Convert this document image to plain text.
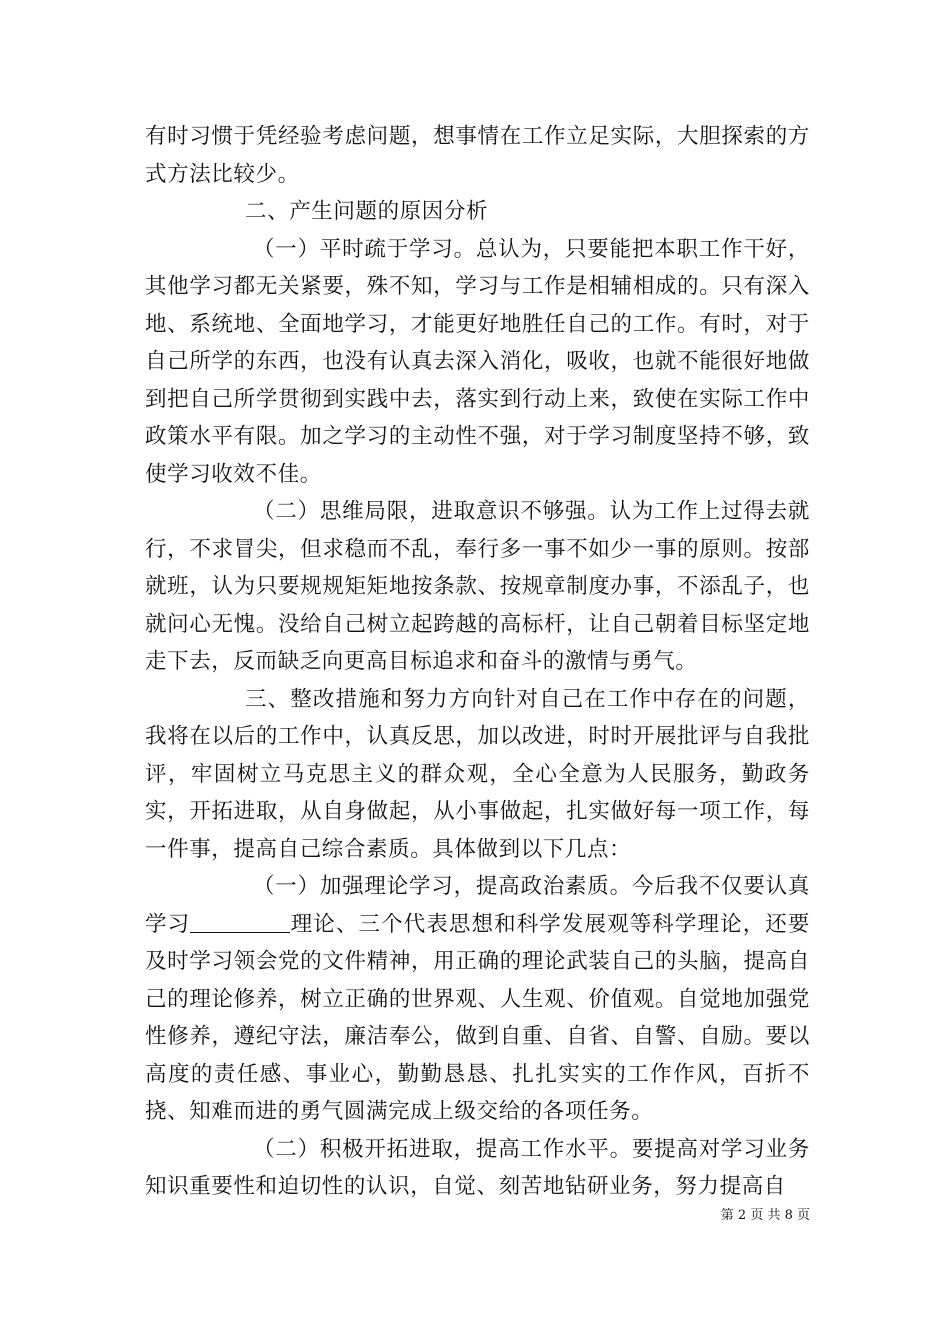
有时习惯于凭经验考虑问题，想事情在工作立足实际，大胆探索的方式方法比较少。

二、产生问题的原因分析

（一）平时疏于学习。总认为，只要能把本职工作干好，其他学习都无关紧要，殊不知，学习与工作是相辅相成的。只有深入地、系统地、全面地学习，才能更好地胜任自己的工作。有时，对于自己所学的东西，也没有认真去深入消化，吸收，也就不能很好地做到把自己所学贯彻到实践中去，落实到行动上来，致使在实际工作中政策水平有限。加之学习的主动性不强，对于学习制度坚持不够，致使学习收效不佳。

（二）思维局限，进取意识不够强。认为工作上过得去就行，不求冒尖，但求稳而不乱，奉行多一事不如少一事的原则。按部就班，认为只要规规矩矩地按条款、按规章制度办事，不添乱子，也就问心无愧。没给自己树立起跨越的高标杆，让自己朝着目标坚定地走下去，反而缺乏向更高目标追求和奋斗的激情与勇气。

三、整改措施和努力方向针对自己在工作中存在的问题，我将在以后的工作中，认真反思，加以改进，时时开展批评与自我批评，牢固树立马克思主义的群众观，全心全意为人民服务，勤政务实，开拓进取，从自身做起，从小事做起，扎实做好每一项工作，每一件事，提高自己综合素质。具体做到以下几点：

（一）加强理论学习，提高政治素质。今后我不仅要认真学习	理论、三个代表思想和科学发展观等科学理论，还要及时学习领会党的文件精神，用正确的理论武装自己的头脑，提高自己的理论修养，树立正确的世界观、人生观、价值观。自觉地加强党性修养，遵纪守法，廉洁奉公，做到自重、自省、自警、自励。要以高度的责任感、事业心，勤勤恳恳、扎扎实实的工作作风，百折不挠、知难而进的勇气圆满完成上级交给的各项任务。

（二）积极开拓进取，提高工作水平。要提高对学习业务知识重要性和迫切性的认识，自觉、刻苦地钻研业务，努力提高自

第 2 页 共 8 页
